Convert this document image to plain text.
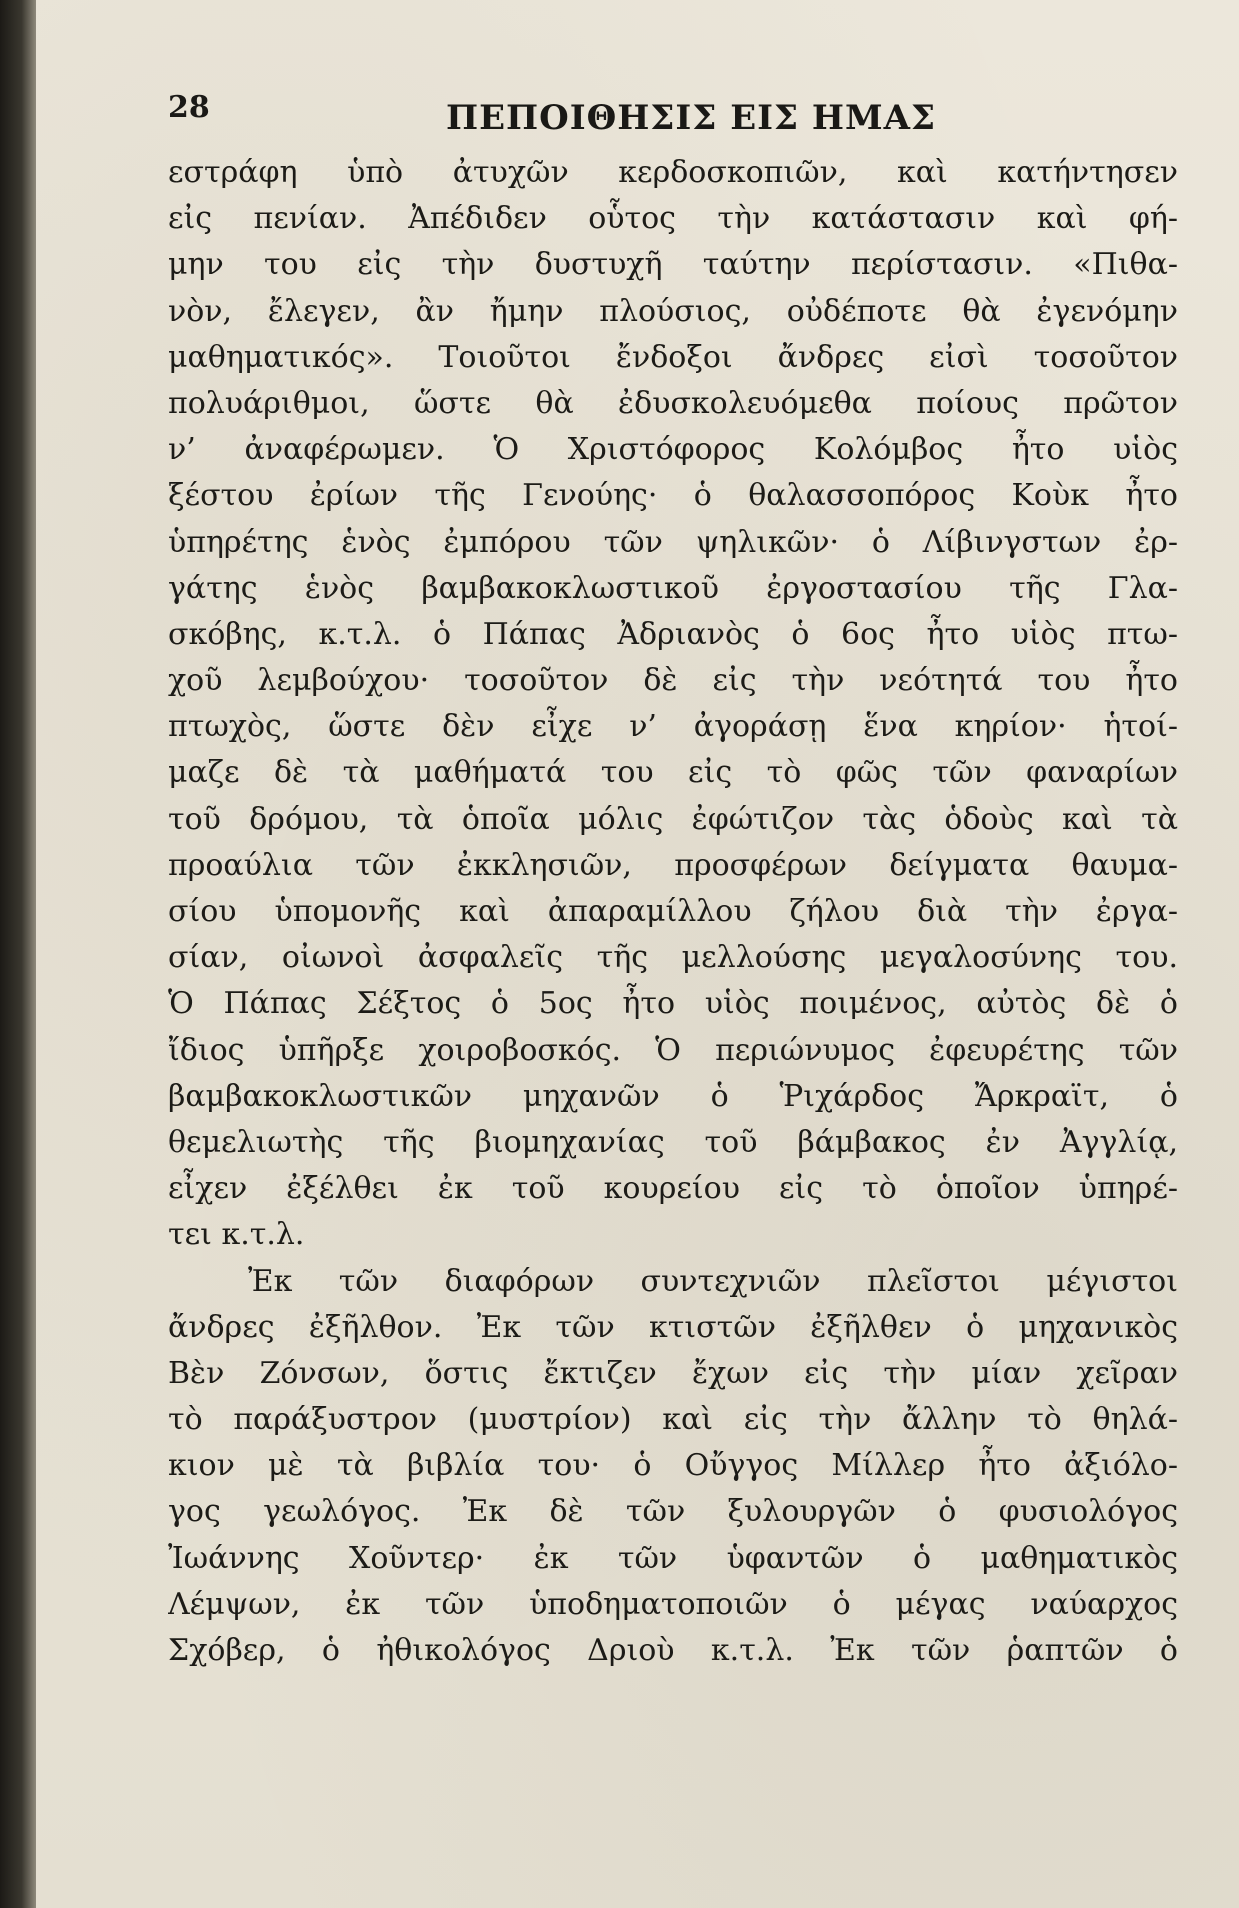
28	ΠΕΠΟΙΘΗΣΙΣ ΕΙΣ ΗΜΑΣ
εστράφη ὑπὸ ἀτυχῶν κερδοσκοπιῶν, καὶ κατήντησεν
εἰς πενίαν. Ἀπέδιδεν οὗτος τὴν κατάστασιν καὶ φή-
μην του εἰς τὴν δυστυχῆ ταύτην περίστασιν. «Πιθα-
νὸν, ἔλεγεν, ἂν ἤμην πλούσιος, οὐδέποτε θὰ ἐγενόμην
μαθηματικός». Τοιοῦτοι ἔνδοξοι ἄνδρες εἰσὶ τοσοῦτον
πολυάριθμοι, ὥστε θὰ ἐδυσκολευόμεθα ποίους πρῶτον
ν’ ἀναφέρωμεν. Ὁ Χριστόφορος Κολόμβος ἦτο υἱὸς
ξέστου ἐρίων τῆς Γενούης· ὁ θαλασσοπόρος Κοὺκ ἦτο
ὑπηρέτης ἑνὸς ἐμπόρου τῶν ψηλικῶν· ὁ Λίβινγστων ἐρ-
γάτης ἑνὸς βαμβακοκλωστικοῦ ἐργοστασίου τῆς Γλα-
σκόβης, κ.τ.λ. ὁ Πάπας Ἀδριανὸς ὁ 6ος ἦτο υἱὸς πτω-
χοῦ λεμβούχου· τοσοῦτον δὲ εἰς τὴν νεότητά του ἦτο
πτωχὸς, ὥστε δὲν εἶχε ν’ ἀγοράσῃ ἕνα κηρίον· ἡτοί-
μαζε δὲ τὰ μαθήματά του εἰς τὸ φῶς τῶν φαναρίων
τοῦ δρόμου, τὰ ὁποῖα μόλις ἐφώτιζον τὰς ὁδοὺς καὶ τὰ
προαύλια τῶν ἐκκλησιῶν, προσφέρων δείγματα θαυμα-
σίου ὑπομονῆς καὶ ἀπαραμίλλου ζήλου διὰ τὴν ἐργα-
σίαν, οἰωνοὶ ἀσφαλεῖς τῆς μελλούσης μεγαλοσύνης του.
Ὁ Πάπας Σέξτος ὁ 5ος ἦτο υἱὸς ποιμένος, αὐτὸς δὲ ὁ
ἴδιος ὑπῆρξε χοιροβοσκός. Ὁ περιώνυμος ἐφευρέτης τῶν
βαμβακοκλωστικῶν μηχανῶν ὁ Ῥιχάρδος Ἄρκραϊτ, ὁ
θεμελιωτὴς τῆς βιομηχανίας τοῦ βάμβακος ἐν Ἀγγλίᾳ,
εἶχεν ἐξέλθει ἐκ τοῦ κουρείου εἰς τὸ ὁποῖον ὑπηρέ-
τει κ.τ.λ.
Ἐκ τῶν διαφόρων συντεχνιῶν πλεῖστοι μέγιστοι
ἄνδρες ἐξῆλθον. Ἐκ τῶν κτιστῶν ἐξῆλθεν ὁ μηχανικὸς
Βὲν Ζόνσων, ὅστις ἔκτιζεν ἔχων εἰς τὴν μίαν χεῖραν
τὸ παράξυστρον (μυστρίον) καὶ εἰς τὴν ἄλλην τὸ θηλά-
κιον μὲ τὰ βιβλία του· ὁ Οὔγγος Μίλλερ ἦτο ἀξιόλο-
γος γεωλόγος. Ἐκ δὲ τῶν ξυλουργῶν ὁ φυσιολόγος
Ἰωάννης Χοῦντερ· ἐκ τῶν ὑφαντῶν ὁ μαθηματικὸς
Λέμψων, ἐκ τῶν ὑποδηματοποιῶν ὁ μέγας ναύαρχος
Σχόβερ, ὁ ἠθικολόγος Δριοὺ κ.τ.λ. Ἐκ τῶν ῥαπτῶν ὁ
